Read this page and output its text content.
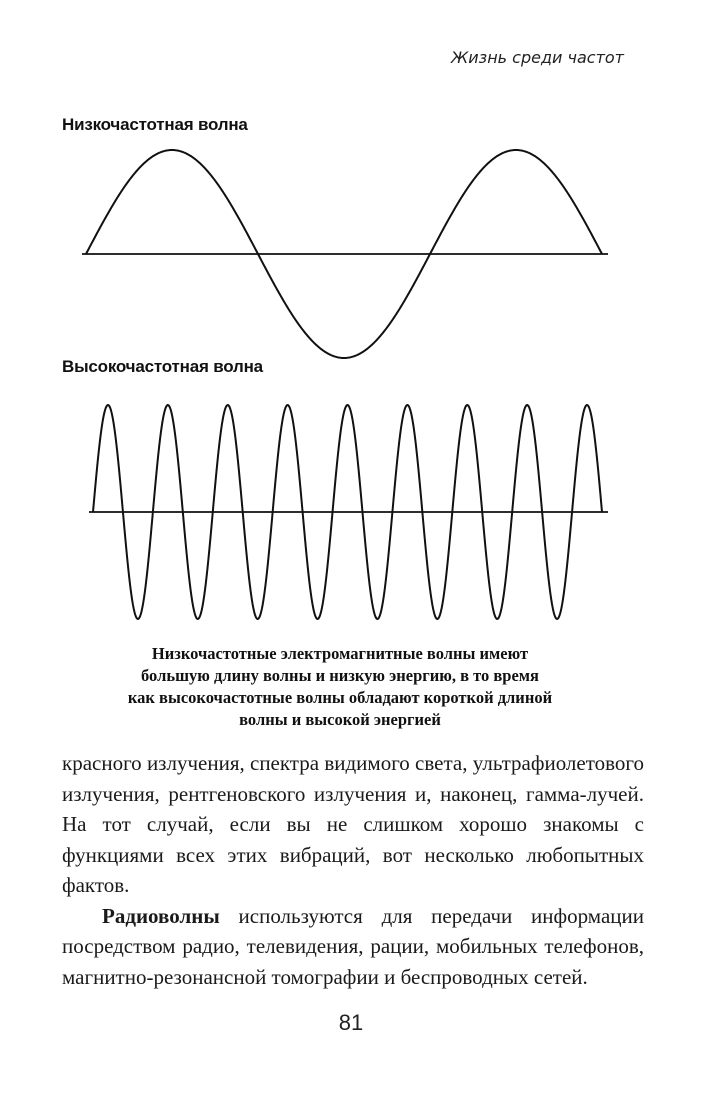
Жизнь среди частот
Низкочастотная волна
Высокочастотная волна
Низкочастотные электромагнитные волны имеют
большую длину волны и низкую энергию, в то время
как высокочастотные волны обладают короткой длиной
волны и высокой энергией

красного излучения, спектра видимого света, ультрафиолетового излучения, рентгеновского излучения и, наконец, гамма-лучей. На тот случай, если вы не слишком хорошо знакомы с функциями всех этих вибраций, вот несколько любопытных фактов.

Радиоволны используются для передачи информации посредством радио, телевидения, рации, мобильных телефонов, магнитно-резонансной томографии и беспроводных сетей.

81
